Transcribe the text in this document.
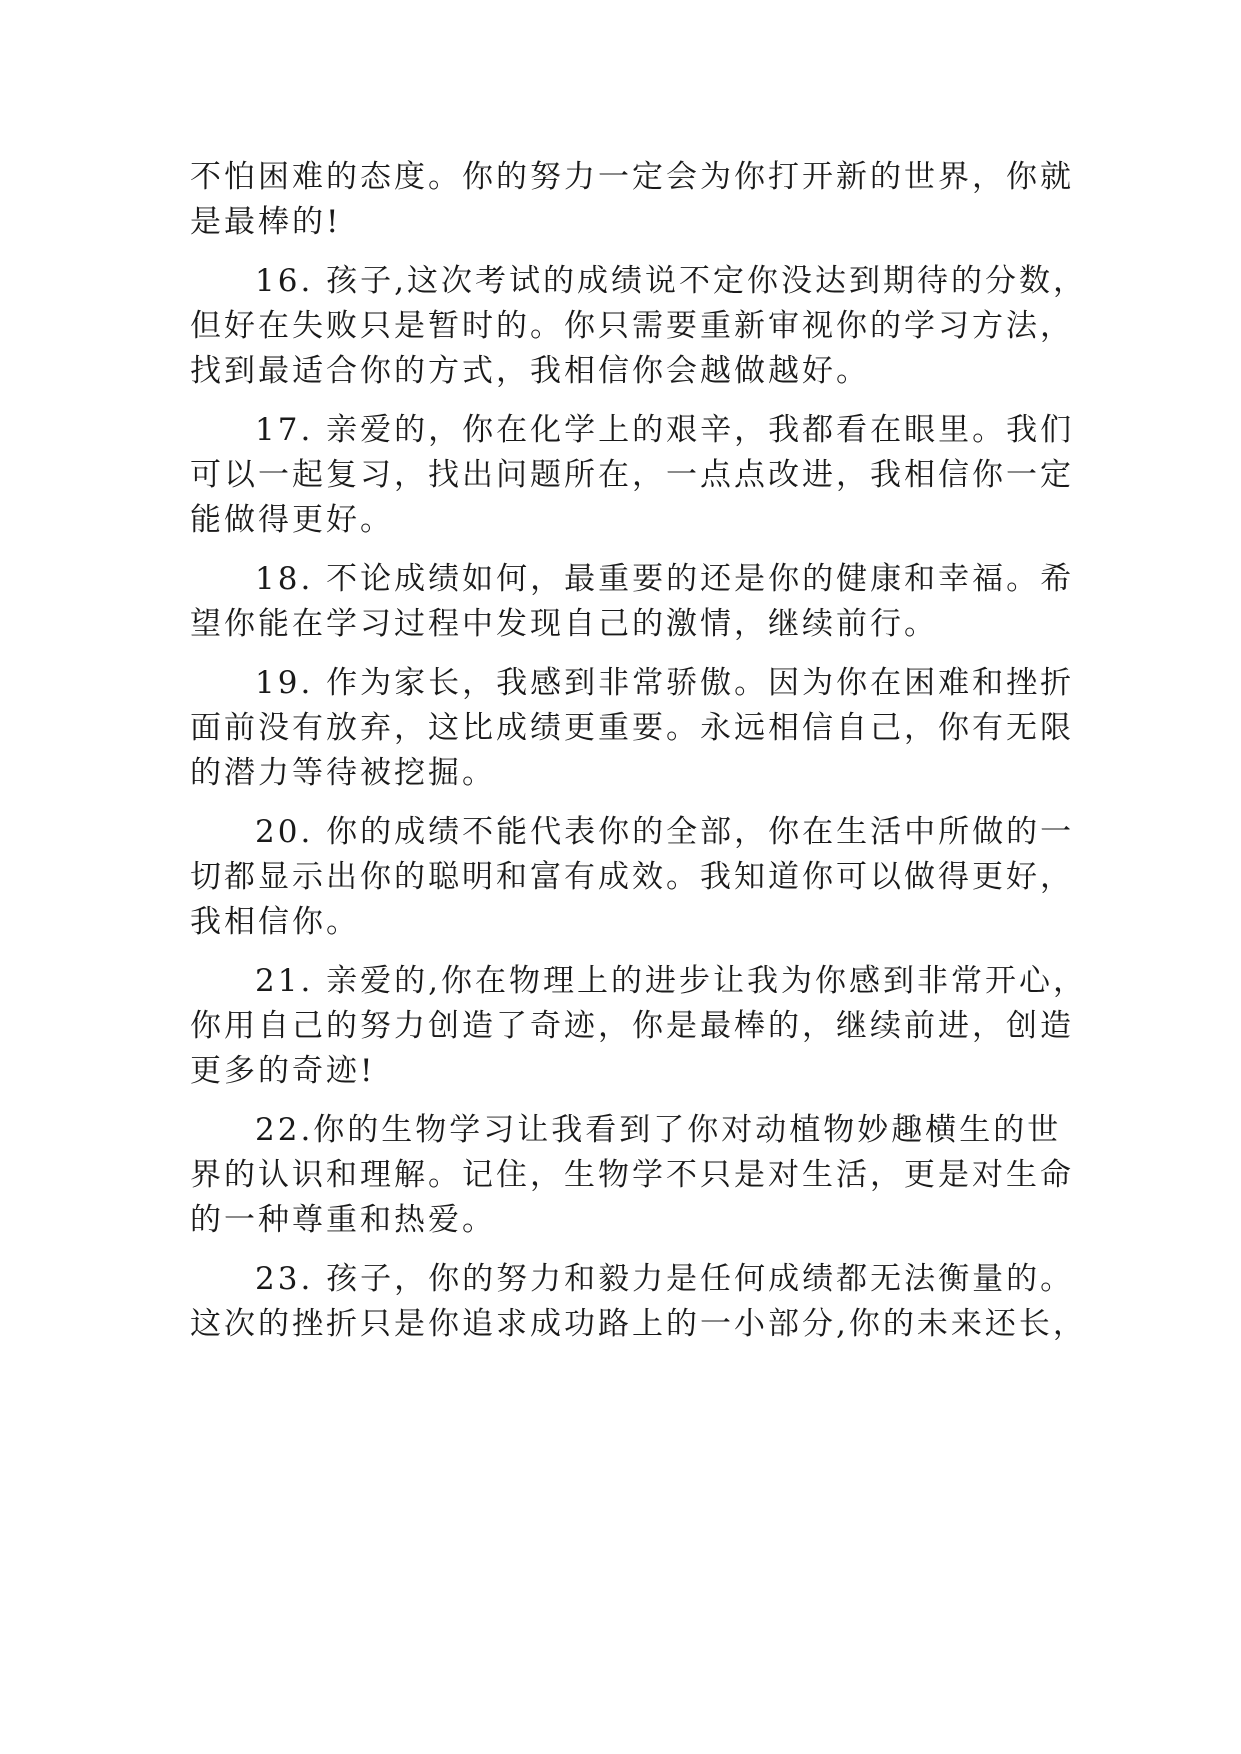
不怕困难的态度。你的努力一定会为你打开新的世界，你就
是最棒的!
16. 孩子,这次考试的成绩说不定你没达到期待的分数，
但好在失败只是暂时的。你只需要重新审视你的学习方法，
找到最适合你的方式，我相信你会越做越好。
17. 亲爱的，你在化学上的艰辛，我都看在眼里。我们
可以一起复习，找出问题所在，一点点改进，我相信你一定
能做得更好。
18. 不论成绩如何，最重要的还是你的健康和幸福。希
望你能在学习过程中发现自己的激情，继续前行。
19. 作为家长，我感到非常骄傲。因为你在困难和挫折
面前没有放弃，这比成绩更重要。永远相信自己，你有无限
的潜力等待被挖掘。
20. 你的成绩不能代表你的全部，你在生活中所做的一
切都显示出你的聪明和富有成效。我知道你可以做得更好，
我相信你。
21. 亲爱的,你在物理上的进步让我为你感到非常开心，
你用自己的努力创造了奇迹，你是最棒的，继续前进，创造
更多的奇迹!
22.你的生物学习让我看到了你对动植物妙趣横生的世
界的认识和理解。记住，生物学不只是对生活，更是对生命
的一种尊重和热爱。
23. 孩子，你的努力和毅力是任何成绩都无法衡量的。
这次的挫折只是你追求成功路上的一小部分,你的未来还长，
